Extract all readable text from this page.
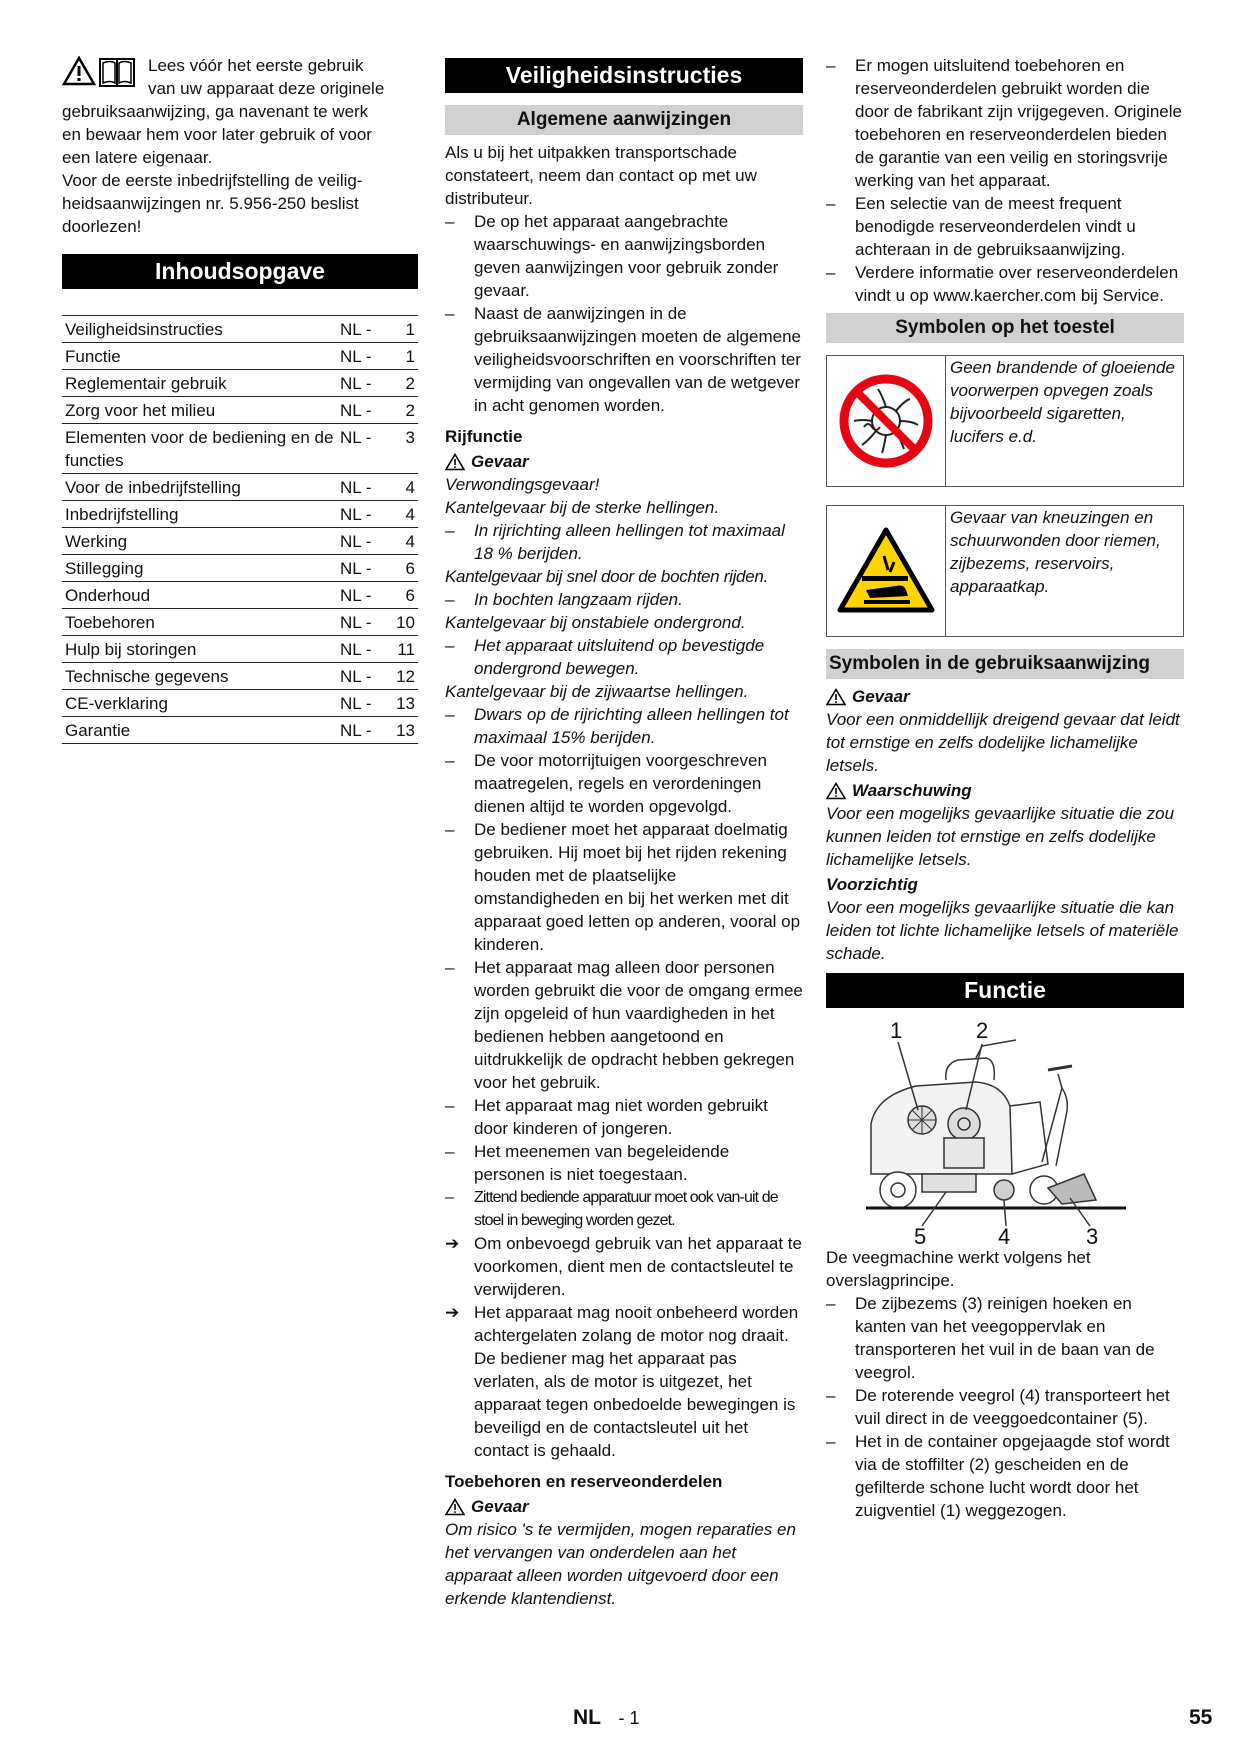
Lees vóór het eerste gebruik

van uw apparaat deze originele

gebruiksaanwijzing, ga navenant te werk

en bewaar hem voor later gebruik of voor

een latere eigenaar.

Voor de eerste inbedrijfstelling de veilig-heidsaanwijzingen nr. 5.956-250 beslist doorlezen!

Inhoudsopgave
Veiligheidsinstructies	NL -	1
Functie	NL -	1
Reglementair gebruik	NL -	2
Zorg voor het milieu	NL -	2
Elementen voor de bediening en de functies	NL -	3
Voor de inbedrijfstelling	NL -	4
Inbedrijfstelling	NL -	4
Werking	NL -	4
Stillegging	NL -	6
Onderhoud	NL -	6
Toebehoren	NL -	10
Hulp bij storingen	NL -	11
Technische gegevens	NL -	12
CE-verklaring	NL -	13
Garantie	NL -	13
Veiligheidsinstructies
Algemene aanwijzingen

Als u bij het uitpakken transportschade constateert, neem dan contact op met uw distributeur.

–	De op het apparaat aangebrachte waarschuwings- en aanwijzingsborden geven aanwijzingen voor gebruik zonder gevaar.
–	Naast de aanwijzingen in de gebruiksaanwijzingen moeten de algemene veiligheidsvoorschriften en voorschriften ter vermijding van ongevallen van de wetgever in acht genomen worden.

Rijfunctie

Gevaar

Verwondingsgevaar!

Kantelgevaar bij de sterke hellingen.

–	In rijrichting alleen hellingen tot maximaal 18 % berijden.

Kantelgevaar bij snel door de bochten rijden.

–	In bochten langzaam rijden.

Kantelgevaar bij onstabiele ondergrond.

–	Het apparaat uitsluitend op bevestigde ondergrond bewegen.

Kantelgevaar bij de zijwaartse hellingen.

–	Dwars op de rijrichting alleen hellingen tot maximaal 15% berijden.
–	De voor motorrijtuigen voorgeschreven maatregelen, regels en verordeningen dienen altijd te worden opgevolgd.
–	De bediener moet het apparaat doelmatig gebruiken. Hij moet bij het rijden rekening houden met de plaatselijke omstandigheden en bij het werken met dit apparaat goed letten op anderen, vooral op kinderen.
–	Het apparaat mag alleen door personen worden gebruikt die voor de omgang ermee zijn opgeleid of hun vaardigheden in het bedienen hebben aangetoond en uitdrukkelijk de opdracht hebben gekregen voor het gebruik.
–	Het apparaat mag niet worden gebruikt door kinderen of jongeren.
–	Het meenemen van begeleidende personen is niet toegestaan.
–	Zittend bediende apparatuur moet ook van-uit de stoel in beweging worden gezet.
➔ Om onbevoegd gebruik van het apparaat te voorkomen, dient men de contactsleutel te verwijderen.
➔ Het apparaat mag nooit onbeheerd worden achtergelaten zolang de motor nog draait. De bediener mag het apparaat pas verlaten, als de motor is uitgezet, het apparaat tegen onbedoelde bewegingen is beveiligd en de contactsleutel uit het contact is gehaald.

Toebehoren en reserveonderdelen

Gevaar

Om risico 's te vermijden, mogen reparaties en het vervangen van onderdelen aan het apparaat alleen worden uitgevoerd door een erkende klantendienst.

–	Er mogen uitsluitend toebehoren en reserveonderdelen gebruikt worden die door de fabrikant zijn vrijgegeven. Originele toebehoren en reserveonderdelen bieden de garantie van een veilig en storingsvrije werking van het apparaat.
–	Een selectie van de meest frequent benodigde reserveonderdelen vindt u achteraan in de gebruiksaanwijzing.
–	Verdere informatie over reserveonderdelen vindt u op www.kaercher.com bij Service.
Symbolen op het toestel
Geen brandende of gloeiende voorwerpen opvegen zoals bijvoorbeeld sigaretten, lucifers e.d.
Gevaar van kneuzingen en schuurwonden door riemen, zijbezems, reservoirs, apparaatkap.
Symbolen in de gebruiksaanwijzing
Gevaar

Voor een onmiddellijk dreigend gevaar dat leidt tot ernstige en zelfs dodelijke lichamelijke letsels.

Waarschuwing

Voor een mogelijks gevaarlijke situatie die zou kunnen leiden tot ernstige en zelfs dodelijke lichamelijke letsels.

Voorzichtig

Voor een mogelijks gevaarlijke situatie die kan leiden tot lichte lichamelijke letsels of materiële schade.

Functie
1	2
3
4
5

De veegmachine werkt volgens het overslagprincipe.

–	De zijbezems (3) reinigen hoeken en kanten van het veegoppervlak en transporteren het vuil in de baan van de veegrol.
–	De roterende veegrol (4) transporteert het vuil direct in de veeggoedcontainer (5).
–	Het in de container opgejaagde stof wordt via de stoffilter (2) gescheiden en de gefilterde schone lucht wordt door het zuigventiel (1) weggezogen.
NL - 1	55
